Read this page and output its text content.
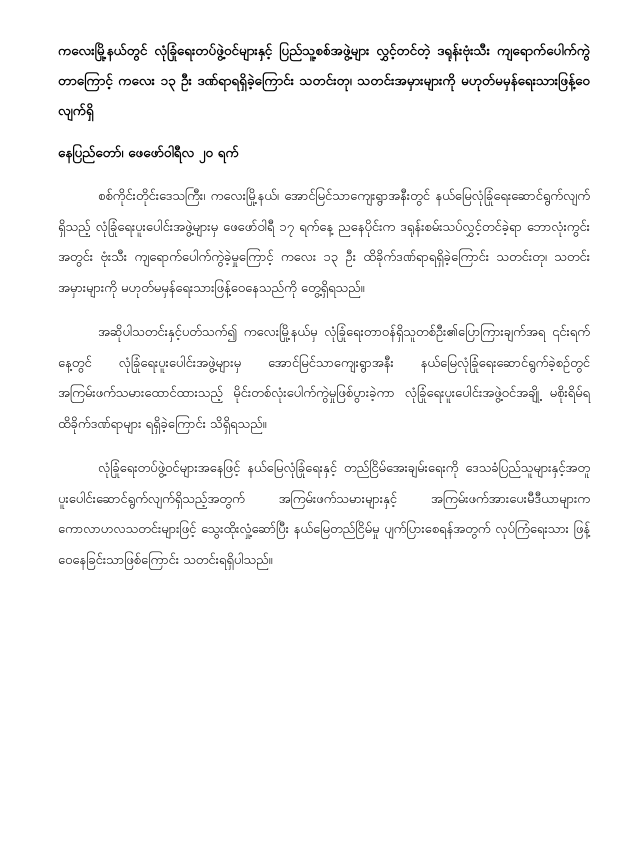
ကလေးမြို့နယ်တွင် လုံခြုံရေးတပ်ဖွဲ့ဝင်များနှင့် ပြည်သူ့စစ်အဖွဲ့များ လွှင့်တင်တဲ့ ဒရုန်းဗုံးသီး ကျရောက်ပေါက်ကွဲတာကြောင့် ကလေး ၁၃ ဦး ဒဏ်ရာရရှိခဲ့ကြောင်း သတင်းတု၊ သတင်းအမှားများကို မဟုတ်မမှန်ရေးသားဖြန့်ဝေလျက်ရှိ

နေပြည်တော်၊ ဖေဖော်ဝါရီလ ၂၀ ရက်

စစ်ကိုင်းတိုင်းဒေသကြီး၊ ကလေးမြို့နယ်၊ အောင်မြင်သာကျေးရွာအနီးတွင် နယ်မြေလုံခြုံရေးဆောင်ရွက်လျက်ရှိသည့် လုံခြုံရေးပူးပေါင်းအဖွဲ့များမှ ဖေဖော်ဝါရီ ၁၇ ရက်နေ့ ညနေပိုင်းက ဒရုန်းစမ်းသပ်လွှင့်တင်ခဲ့ရာ ဘောလုံးကွင်းအတွင်း ဗုံးသီး ကျရောက်ပေါက်ကွဲခဲ့မှုကြောင့် ကလေး ၁၃ ဦး ထိခိုက်ဒဏ်ရာရရှိခဲ့ကြောင်း သတင်းတု၊ သတင်းအမှားများကို မဟုတ်မမှန်ရေးသားဖြန့်ဝေနေသည်ကို တွေ့ရှိရသည်။

အဆိုပါသတင်းနှင့်ပတ်သက်၍ ကလေးမြို့နယ်မှ လုံခြုံရေးတာဝန်ရှိသူတစ်ဦး၏ပြောကြားချက်အရ ၎င်းရက်နေ့တွင် လုံခြုံရေးပူးပေါင်းအဖွဲ့များမှ အောင်မြင်သာကျေးရွာအနီး နယ်မြေလုံခြုံရေးဆောင်ရွက်ခဲ့စဉ်တွင် အကြမ်းဖက်သမားထောင်ထားသည့် မိုင်းတစ်လုံးပေါက်ကွဲမှုဖြစ်ပွားခဲ့ကာ လုံခြုံရေးပူးပေါင်းအဖွဲ့ဝင်အချို့ မစိုးရိမ်ရ ထိခိုက်ဒဏ်ရာများ ရရှိခဲ့ကြောင်း သိရှိရသည်။

လုံခြုံရေးတပ်ဖွဲ့ဝင်များအနေဖြင့် နယ်မြေလုံခြုံရေးနှင့် တည်ငြိမ်အေးချမ်းရေးကို ဒေသခံပြည်သူများနှင့်အတူ ပူးပေါင်းဆောင်ရွက်လျက်ရှိသည့်အတွက် အကြမ်းဖက်သမားများနှင့် အကြမ်းဖက်အားပေးမီဒီယာများက ကောလာဟလသတင်းများဖြင့် သွေးထိုးလှုံ့ဆော်ပြီး နယ်မြေတည်ငြိမ်မှု ပျက်ပြားစေရန်အတွက် လုပ်ကြံရေးသား ဖြန့်ဝေနေခြင်းသာဖြစ်ကြောင်း သတင်းရရှိပါသည်။
